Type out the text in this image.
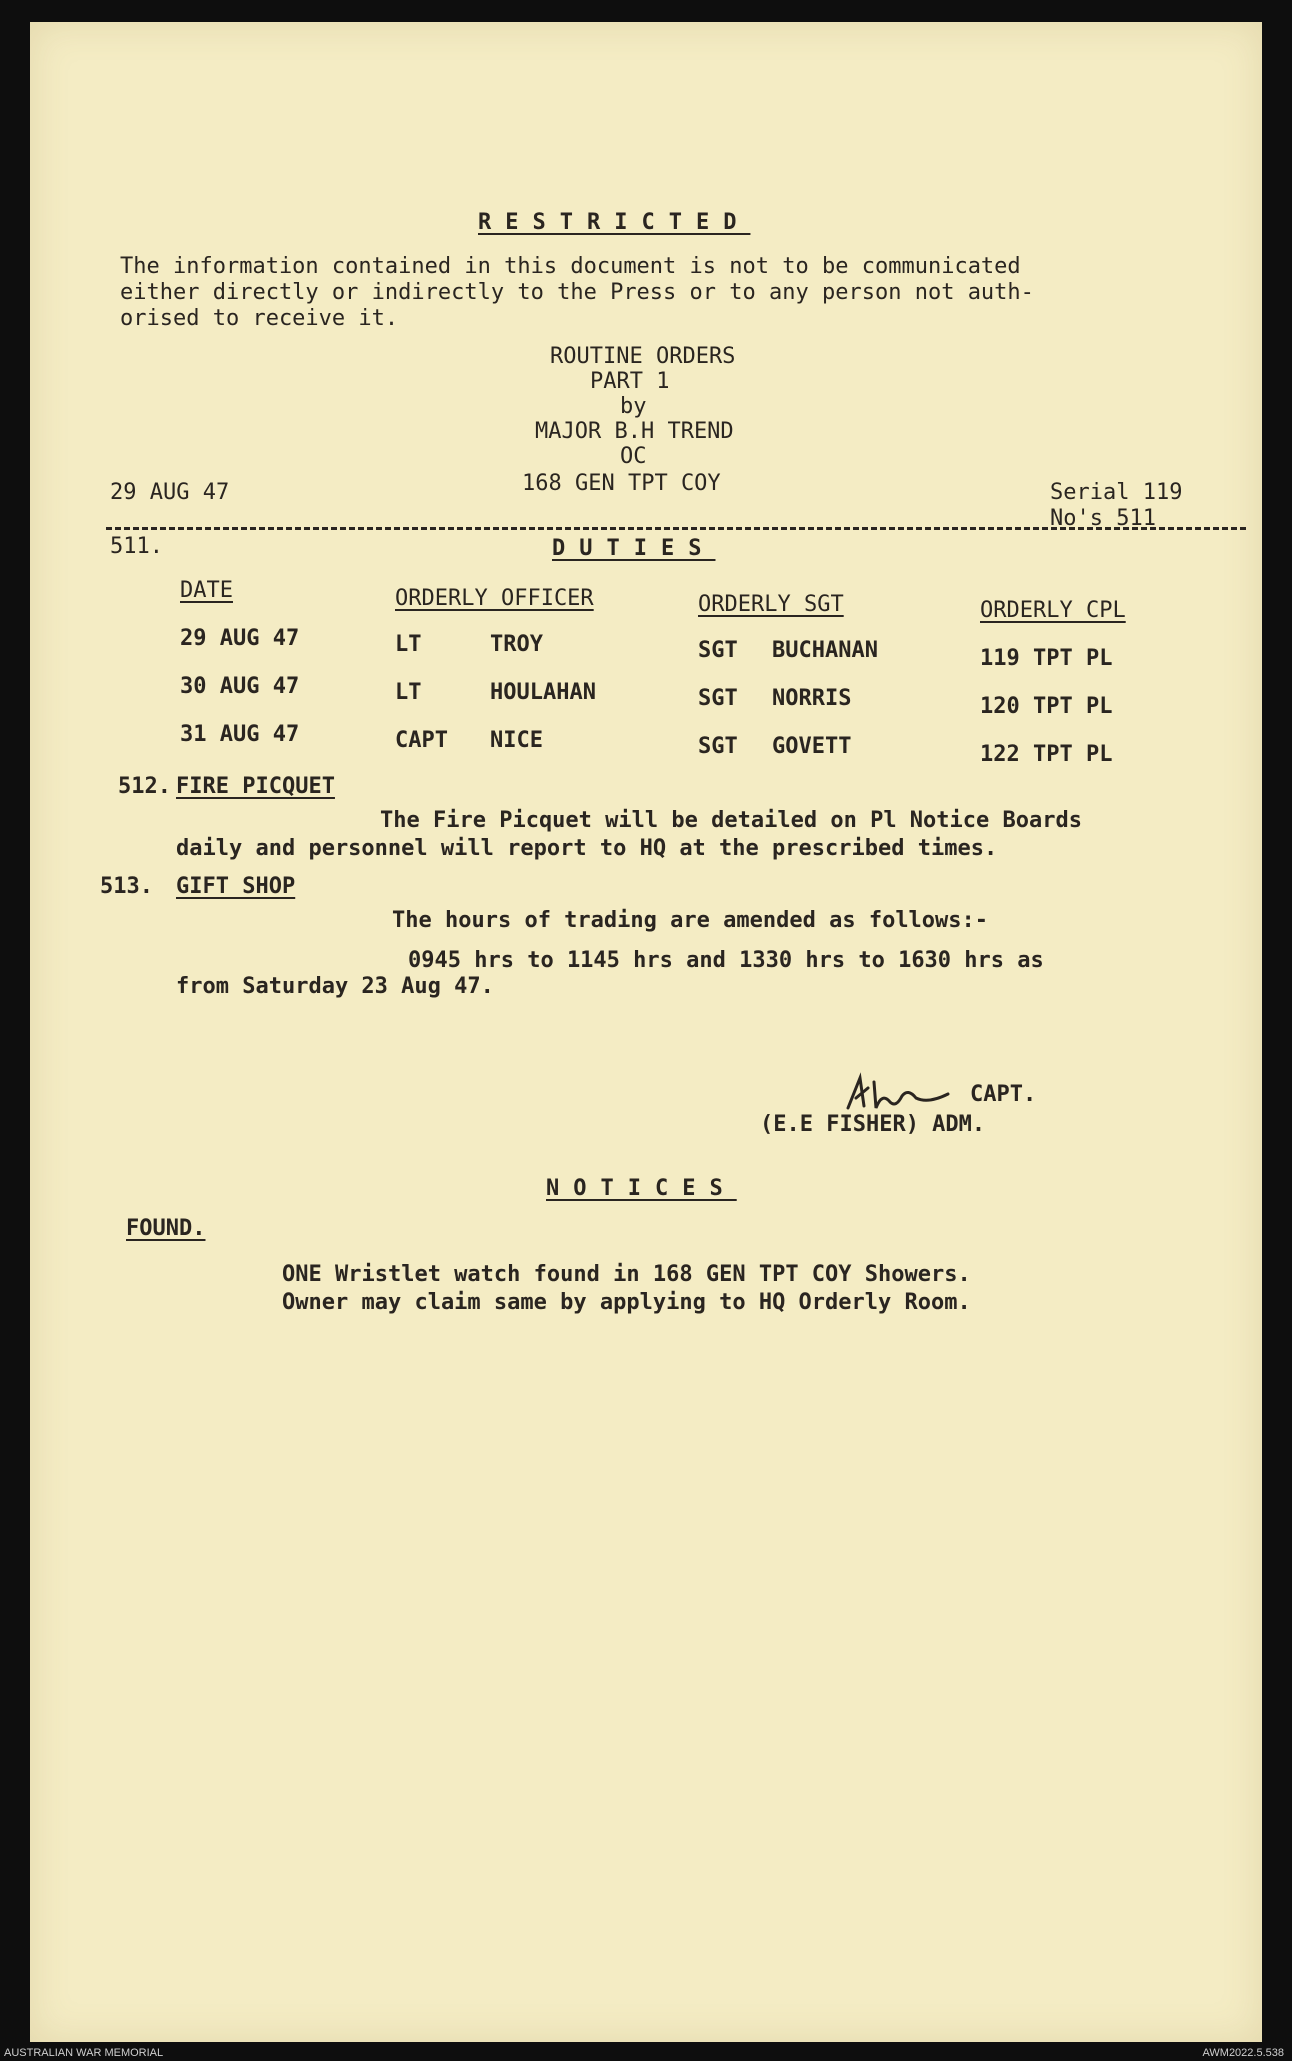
RESTRICTED
The information contained in this document is not to be communicated
either directly or indirectly to the Press or to any person not auth-
orised to receive it.
ROUTINE ORDERS
PART 1
by
MAJOR B.H TREND
OC
168 GEN TPT COY
29 AUG 47	Serial 119
No's 511
511.	DUTIES
DATE	ORDERLY OFFICER	ORDERLY SGT	ORDERLY CPL
29 AUG 47	LT	TROY	SGT BUCHANAN	119 TPT PL
30 AUG 47	LT	HOULAHAN	SGT NORRIS	120 TPT PL
31 AUG 47	CAPT NICE	SGT GOVETT	122 TPT PL
512. FIRE PICQUET
The Fire Picquet will be detailed on Pl Notice Boards
daily and personnel will report to HQ at the prescribed times.
513. GIFT SHOP
The hours of trading are amended as follows:-
0945 hrs to 1145 hrs and 1330 hrs to 1630 hrs as
from Saturday 23 Aug 47.
CAPT.
(E.E FISHER) ADM.
NOTICES
FOUND.
ONE Wristlet watch found in 168 GEN TPT COY Showers.
Owner may claim same by applying to HQ Orderly Room.
AUSTRALIAN WAR MEMORIAL	AWM2022.5.538
